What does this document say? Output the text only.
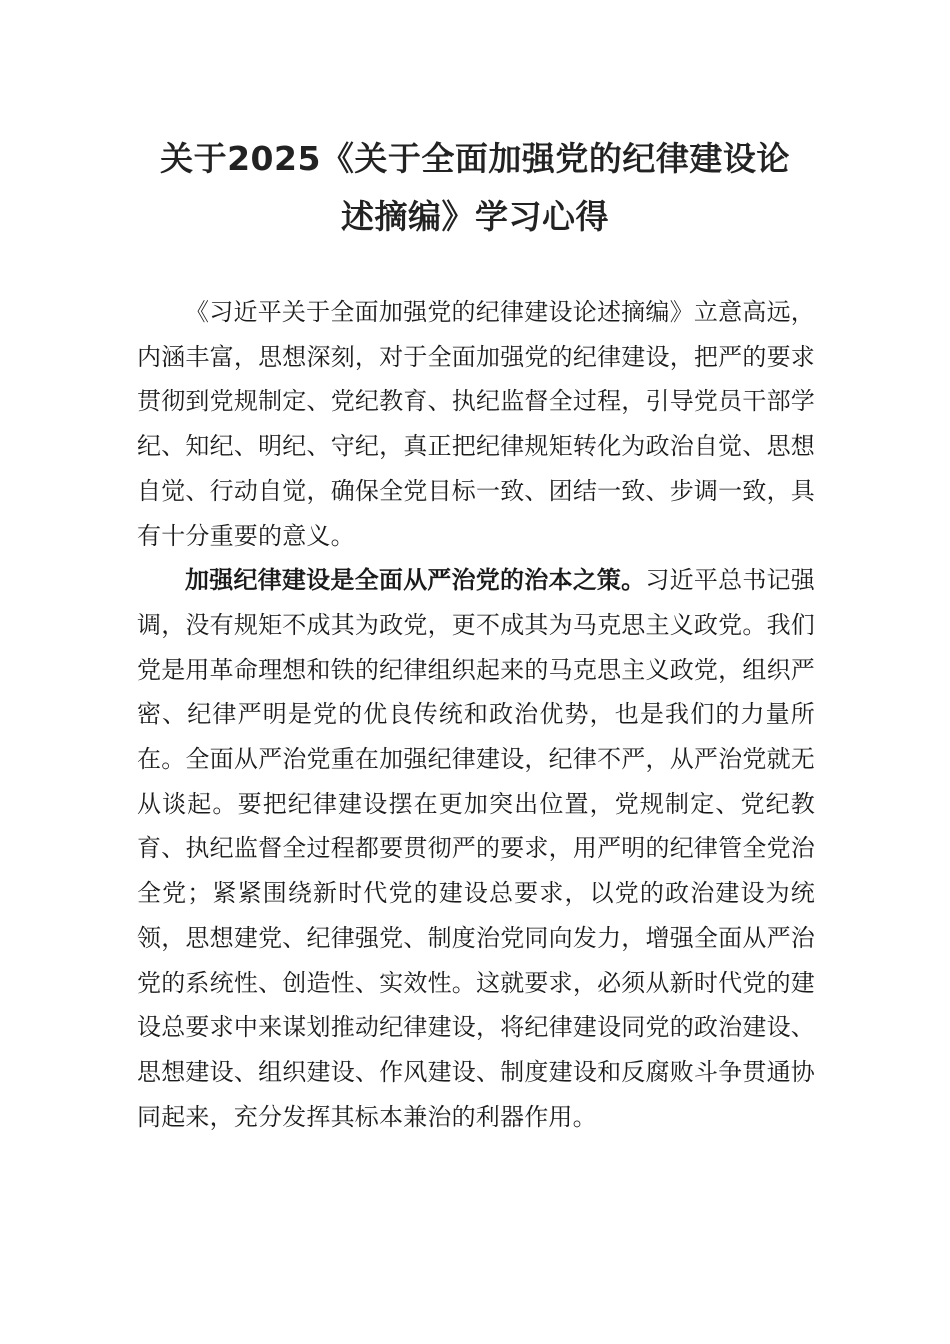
关于2025《关于全面加强党的纪律建设论
述摘编》学习心得

《习近平关于全面加强党的纪律建设论述摘编》立意高远，内涵丰富，思想深刻，对于全面加强党的纪律建设，把严的要求贯彻到党规制定、党纪教育、执纪监督全过程，引导党员干部学纪、知纪、明纪、守纪，真正把纪律规矩转化为政治自觉、思想自觉、行动自觉，确保全党目标一致、团结一致、步调一致，具有十分重要的意义。

加强纪律建设是全面从严治党的治本之策。习近平总书记强调，没有规矩不成其为政党，更不成其为马克思主义政党。我们党是用革命理想和铁的纪律组织起来的马克思主义政党，组织严密、纪律严明是党的优良传统和政治优势，也是我们的力量所在。全面从严治党重在加强纪律建设，纪律不严，从严治党就无从谈起。要把纪律建设摆在更加突出位置，党规制定、党纪教育、执纪监督全过程都要贯彻严的要求，用严明的纪律管全党治全党；紧紧围绕新时代党的建设总要求，以党的政治建设为统领，思想建党、纪律强党、制度治党同向发力，增强全面从严治党的系统性、创造性、实效性。这就要求，必须从新时代党的建设总要求中来谋划推动纪律建设，将纪律建设同党的政治建设、思想建设、组织建设、作风建设、制度建设和反腐败斗争贯通协同起来，充分发挥其标本兼治的利器作用。
